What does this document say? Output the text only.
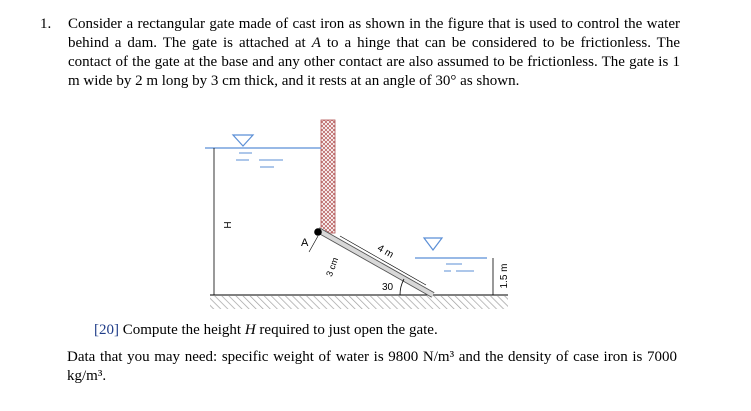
1. Consider a rectangular gate made of cast iron as shown in the figure that is used to control the water behind a dam. The gate is attached at A to a hinge that can be considered to be frictionless. The contact of the gate at the base and any other contact are also assumed to be frictionless. The gate is 1 m wide by 2 m long by 3 cm thick, and it rests at an angle of 30° as shown.
H
A	4 m
3 cm
30	1.5 m
[20] Compute the height H required to just open the gate.
Data that you may need: specific weight of water is 9800 N/m³ and the density of case iron is 7000 kg/m³.
